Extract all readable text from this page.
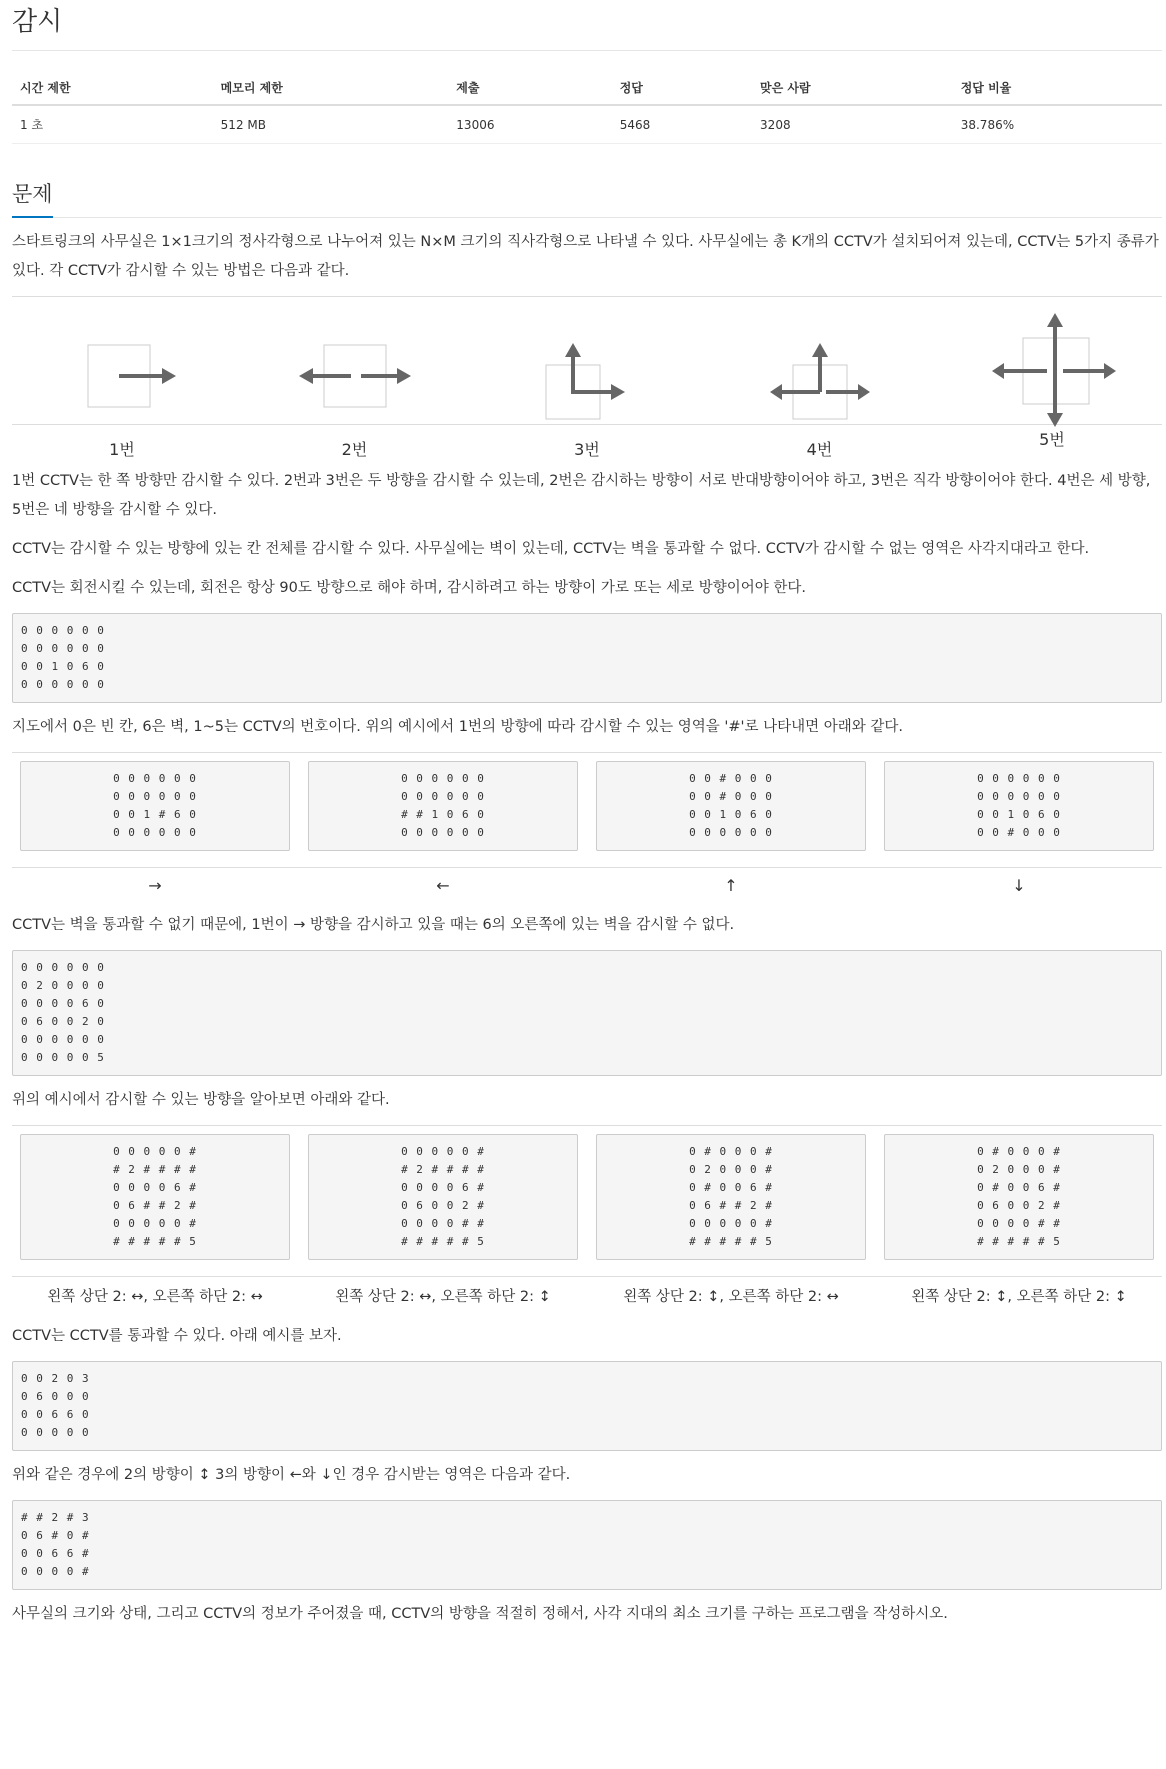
감시
시간 제한	메모리 제한	제출	정답	맞은 사람	정답 비율
1 초	512 MB	13006	5468	3208	38.786%
문제

스타트링크의 사무실은 1×1크기의 정사각형으로 나누어져 있는 N×M 크기의 직사각형으로 나타낼 수 있다. 사무실에는 총 K개의 CCTV가 설치되어져 있는데, CCTV는 5가지 종류가 있다. 각 CCTV가 감시할 수 있는 방법은 다음과 같다.

1번	2번	3번	4번
5번

1번 CCTV는 한 쪽 방향만 감시할 수 있다. 2번과 3번은 두 방향을 감시할 수 있는데, 2번은 감시하는 방향이 서로 반대방향이어야 하고, 3번은 직각 방향이어야 한다. 4번은 세 방향, 5번은 네 방향을 감시할 수 있다.

CCTV는 감시할 수 있는 방향에 있는 칸 전체를 감시할 수 있다. 사무실에는 벽이 있는데, CCTV는 벽을 통과할 수 없다. CCTV가 감시할 수 없는 영역은 사각지대라고 한다.

CCTV는 회전시킬 수 있는데, 회전은 항상 90도 방향으로 해야 하며, 감시하려고 하는 방향이 가로 또는 세로 방향이어야 한다.

0 0 0 0 0 0
0 0 0 0 0 0
0 0 1 0 6 0
0 0 0 0 0 0

지도에서 0은 빈 칸, 6은 벽, 1~5는 CCTV의 번호이다. 위의 예시에서 1번의 방향에 따라 감시할 수 있는 영역을 '#'로 나타내면 아래와 같다.

0 0 0 0 0 0
0 0 0 0 0 0
0 0 1 # 6 0
0 0 0 0 0 0
0 0 0 0 0 0
0 0 0 0 0 0
# # 1 0 6 0
0 0 0 0 0 0
0 0 # 0 0 0
0 0 # 0 0 0
0 0 1 0 6 0
0 0 0 0 0 0
0 0 0 0 0 0
0 0 0 0 0 0
0 0 1 0 6 0
0 0 # 0 0 0
→	←	↑	↓

CCTV는 벽을 통과할 수 없기 때문에, 1번이 → 방향을 감시하고 있을 때는 6의 오른쪽에 있는 벽을 감시할 수 없다.

0 0 0 0 0 0
0 2 0 0 0 0
0 0 0 0 6 0
0 6 0 0 2 0
0 0 0 0 0 0
0 0 0 0 0 5

위의 예시에서 감시할 수 있는 방향을 알아보면 아래와 같다.

0 0 0 0 0 #
# 2 # # # #
0 0 0 0 6 #
0 6 # # 2 #
0 0 0 0 0 #
# # # # # 5
0 0 0 0 0 #
# 2 # # # #
0 0 0 0 6 #
0 6 0 0 2 #
0 0 0 0 # #
# # # # # 5
0 # 0 0 0 #
0 2 0 0 0 #
0 # 0 0 6 #
0 6 # # 2 #
0 0 0 0 0 #
# # # # # 5
0 # 0 0 0 #
0 2 0 0 0 #
0 # 0 0 6 #
0 6 0 0 2 #
0 0 0 0 # #
# # # # # 5
왼쪽 상단 2: ↔, 오른쪽 하단 2: ↔	왼쪽 상단 2: ↔, 오른쪽 하단 2: ↕	왼쪽 상단 2: ↕, 오른쪽 하단 2: ↔	왼쪽 상단 2: ↕, 오른쪽 하단 2: ↕

CCTV는 CCTV를 통과할 수 있다. 아래 예시를 보자.

0 0 2 0 3
0 6 0 0 0
0 0 6 6 0
0 0 0 0 0

위와 같은 경우에 2의 방향이 ↕ 3의 방향이 ←와 ↓인 경우 감시받는 영역은 다음과 같다.

# # 2 # 3
0 6 # 0 #
0 0 6 6 #
0 0 0 0 #

사무실의 크기와 상태, 그리고 CCTV의 정보가 주어졌을 때, CCTV의 방향을 적절히 정해서, 사각 지대의 최소 크기를 구하는 프로그램을 작성하시오.
